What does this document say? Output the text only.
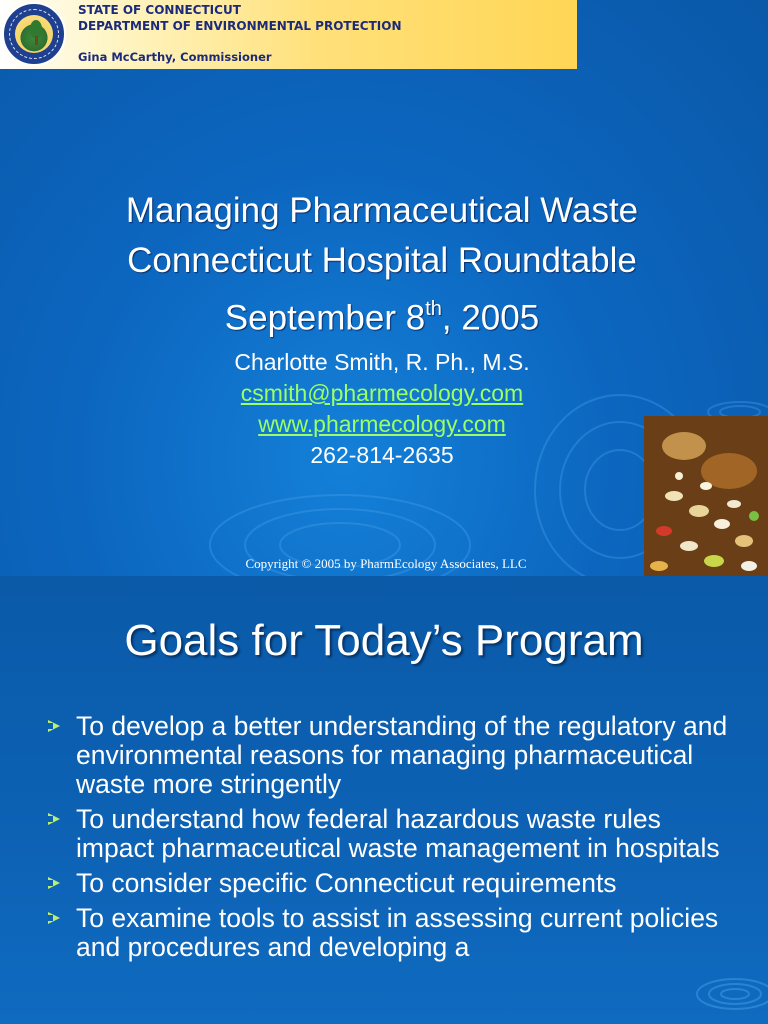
STATE OF CONNECTICUT
DEPARTMENT OF ENVIRONMENTAL PROTECTION
Gina McCarthy, Commissioner
Managing Pharmaceutical Waste
Connecticut Hospital Roundtable
September 8th, 2005
Charlotte Smith, R. Ph., M.S.
csmith@pharmecology.com
www.pharmecology.com
262-814-2635
Copyright © 2005 by PharmEcology Associates, LLC
Goals for Today’s Program
To develop a better understanding of the regulatory and environmental reasons for managing pharmaceutical waste more stringently
To understand how federal hazardous waste rules impact pharmaceutical waste management in hospitals
To consider specific Connecticut requirements
To examine tools to assist in assessing current policies and procedures and developing a
